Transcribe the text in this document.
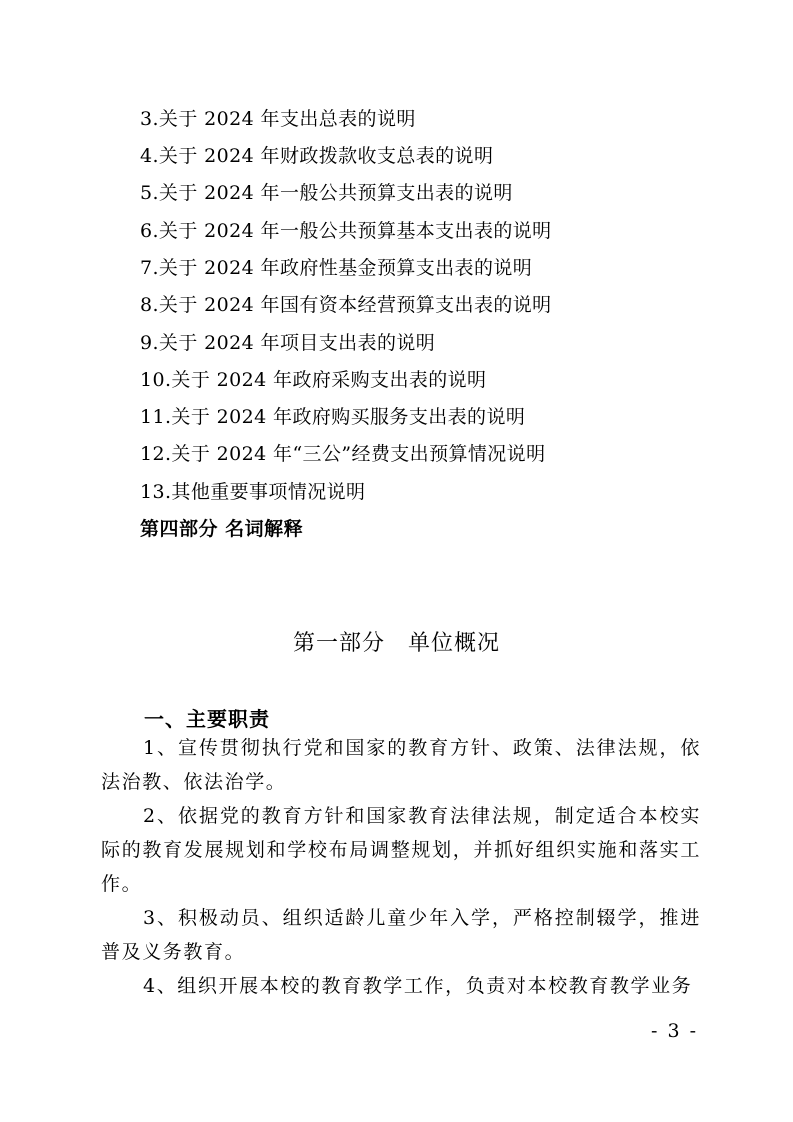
3.关于 2024 年支出总表的说明
4.关于 2024 年财政拨款收支总表的说明
5.关于 2024 年一般公共预算支出表的说明
6.关于 2024 年一般公共预算基本支出表的说明
7.关于 2024 年政府性基金预算支出表的说明
8.关于 2024 年国有资本经营预算支出表的说明
9.关于 2024 年项目支出表的说明
10.关于 2024 年政府采购支出表的说明
11.关于 2024 年政府购买服务支出表的说明
12.关于 2024 年“三公”经费支出预算情况说明
13.其他重要事项情况说明
第四部分 名词解释
第一部分　单位概况
一、主要职责

1、宣传贯彻执行党和国家的教育方针、政策、法律法规，依法治教、依法治学。

2、依据党的教育方针和国家教育法律法规，制定适合本校实际的教育发展规划和学校布局调整规划，并抓好组织实施和落实工作。

3、积极动员、组织适龄儿童少年入学，严格控制辍学，推进普及义务教育。

4、组织开展本校的教育教学工作，负责对本校教育教学业务

- 3 -
